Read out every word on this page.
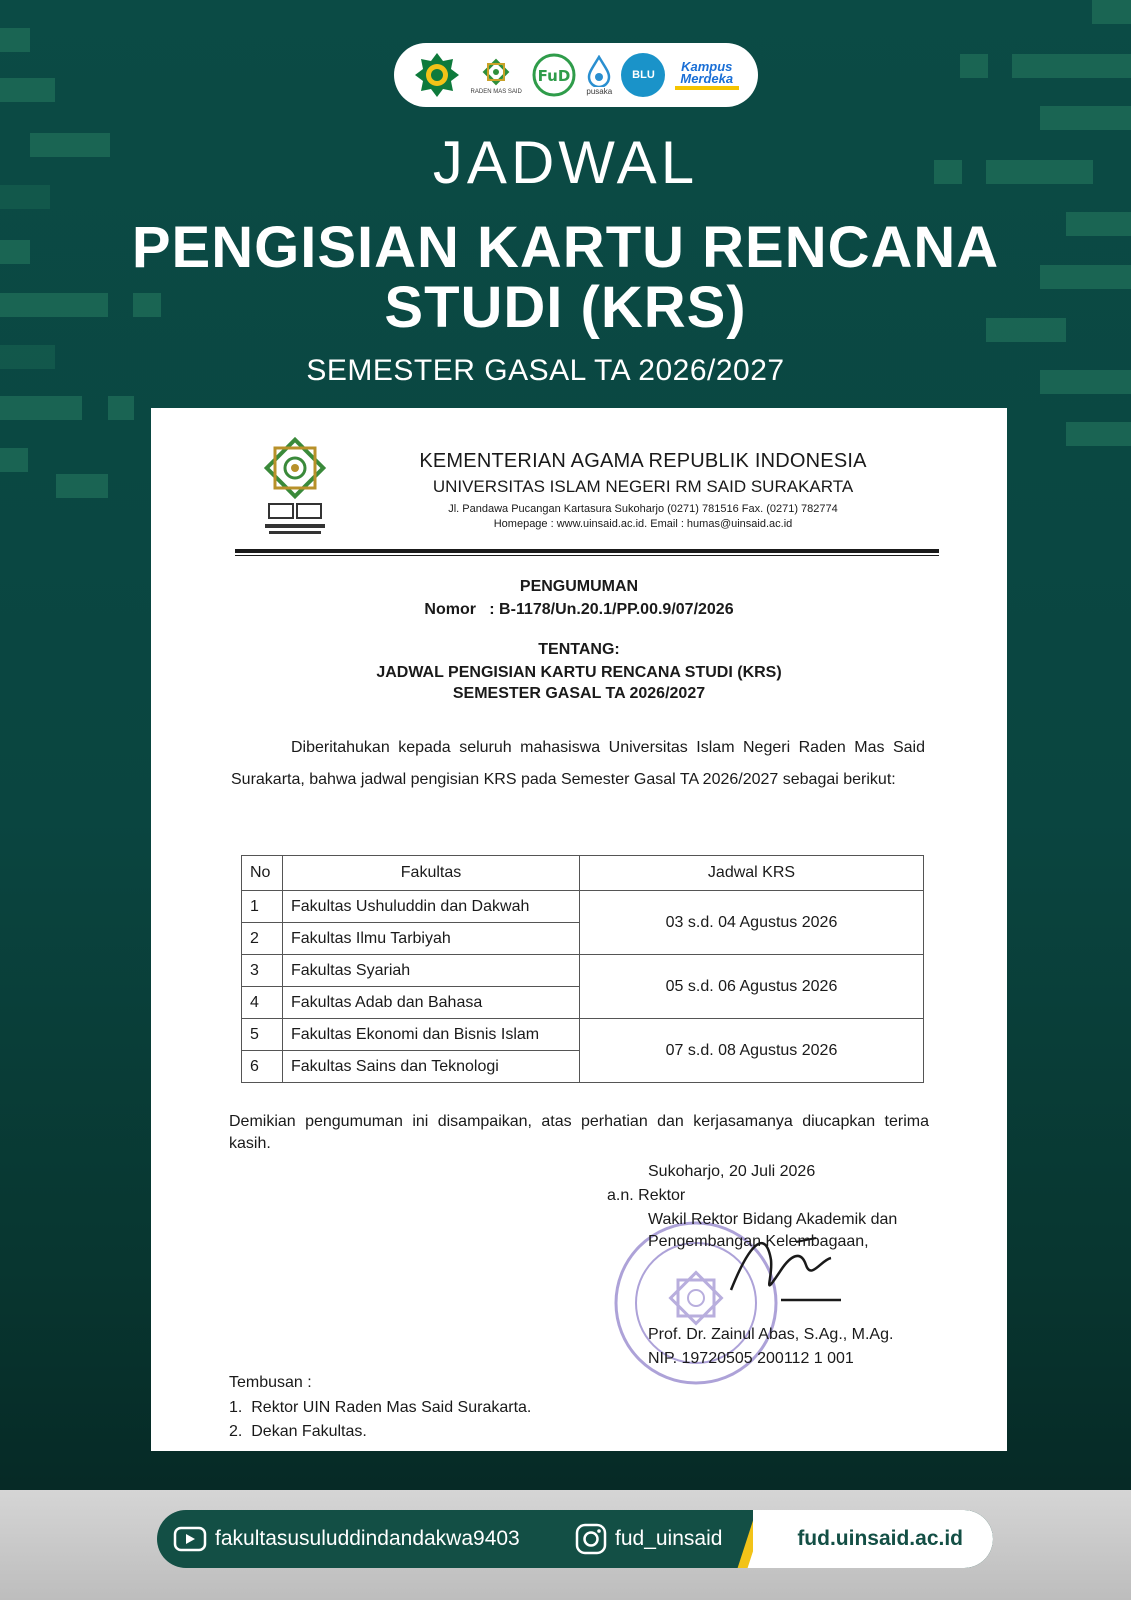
RADEN MAS SAID
FuD
pusaka
BLU
Kampus
Merdeka
JADWAL
PENGISIAN KARTU RENCANA STUDI (KRS)
SEMESTER GASAL TA 2026/2027
KEMENTERIAN AGAMA REPUBLIK INDONESIA
UNIVERSITAS ISLAM NEGERI RM SAID SURAKARTA
Jl. Pandawa Pucangan Kartasura Sukoharjo (0271) 781516 Fax. (0271) 782774
Homepage : www.uinsaid.ac.id. Email : humas@uinsaid.ac.id
PENGUMUMAN
Nomor   : B-1178/Un.20.1/PP.00.9/07/2026
TENTANG:
JADWAL PENGISIAN KARTU RENCANA STUDI (KRS)
SEMESTER GASAL TA 2026/2027
Diberitahukan kepada seluruh mahasiswa Universitas Islam Negeri Raden Mas Said Surakarta, bahwa jadwal pengisian KRS pada Semester Gasal TA 2026/2027 sebagai berikut:
No	Fakultas	Jadwal KRS
1	Fakultas Ushuluddin dan Dakwah	03 s.d. 04 Agustus 2026
2	Fakultas Ilmu Tarbiyah	
3	Fakultas Syariah	05 s.d. 06 Agustus 2026
4	Fakultas Adab dan Bahasa	
5	Fakultas Ekonomi dan Bisnis Islam	07 s.d. 08 Agustus 2026
6	Fakultas Sains dan Teknologi	
Demikian pengumuman ini disampaikan, atas perhatian dan kerjasamanya diucapkan terima kasih.
Sukoharjo, 20 Juli 2026
a.n. Rektor
Wakil Rektor Bidang Akademik dan
Pengembangan Kelembagaan,
Prof. Dr. Zainul Abas, S.Ag., M.Ag.
NIP. 19720505 200112 1 001
Tembusan :
1.  Rektor UIN Raden Mas Said Surakarta.
2.  Dekan Fakultas.
fakultasusuluddindandakwa9403	fud_uinsaid	fud.uinsaid.ac.id
